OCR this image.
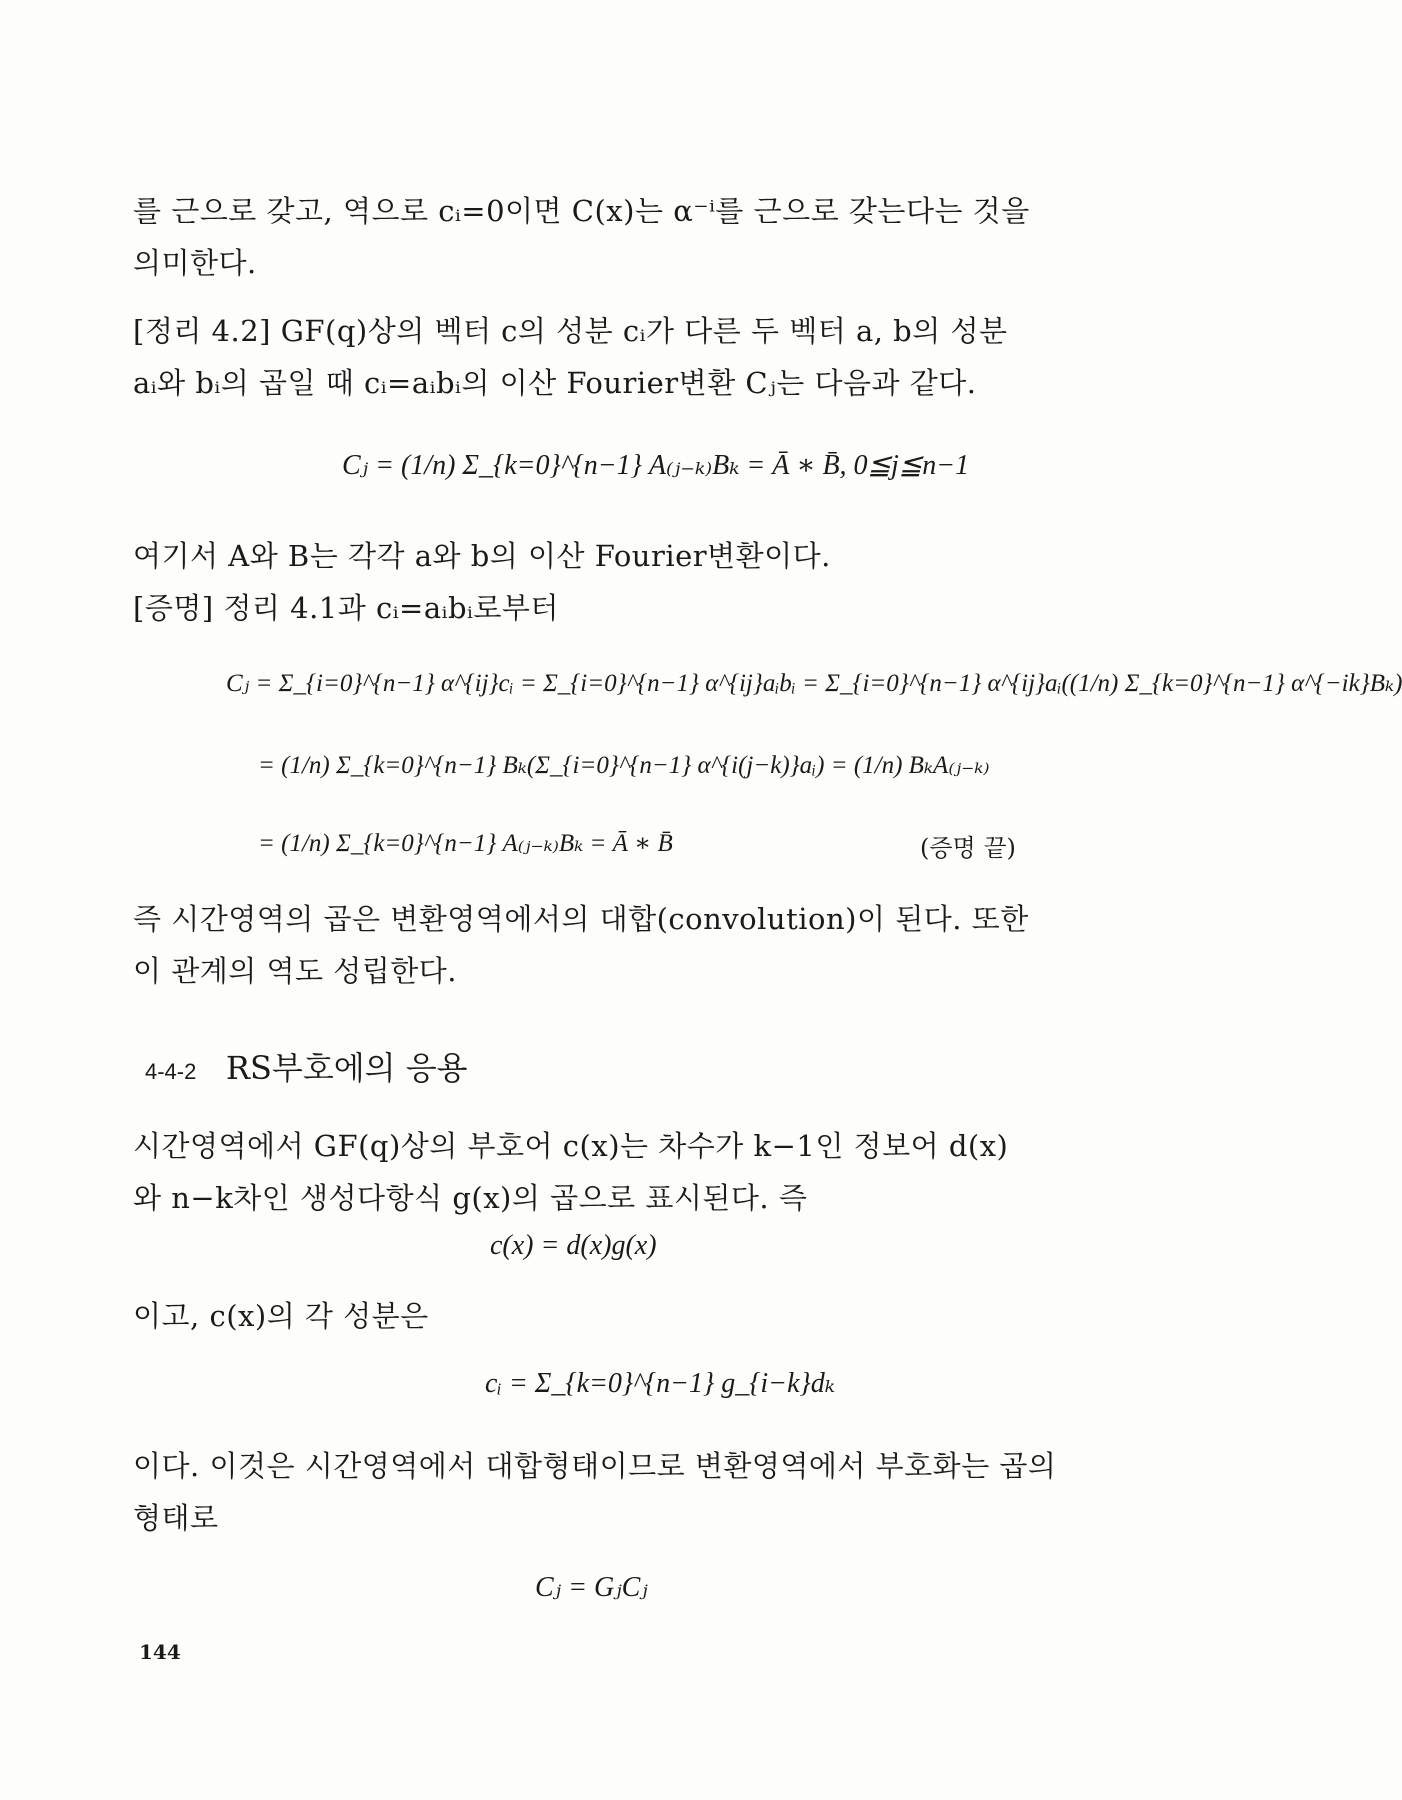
를 근으로 갖고, 역으로 cᵢ=0이면 C(x)는 α⁻ⁱ를 근으로 갖는다는 것을
의미한다.
[정리 4.2] GF(q)상의 벡터 c의 성분 cᵢ가 다른 두 벡터 a, b의 성분
aᵢ와 bᵢ의 곱일 때 cᵢ=aᵢbᵢ의 이산 Fourier변환 Cⱼ는 다음과 같다.
Cⱼ = (1/n) Σ_{k=0}^{n−1} A₍ⱼ₋ₖ₎Bₖ = Ā ∗ B̄, 0≦j≦n−1
여기서 A와 B는 각각 a와 b의 이산 Fourier변환이다.
[증명] 정리 4.1과 cᵢ=aᵢbᵢ로부터
Cⱼ = Σ_{i=0}^{n−1} α^{ij}cᵢ = Σ_{i=0}^{n−1} α^{ij}aᵢbᵢ = Σ_{i=0}^{n−1} α^{ij}aᵢ((1/n) Σ_{k=0}^{n−1} α^{−ik}Bₖ)
= (1/n) Σ_{k=0}^{n−1} Bₖ(Σ_{i=0}^{n−1} α^{i(j−k)}aᵢ) = (1/n) BₖA₍ⱼ₋ₖ₎
= (1/n) Σ_{k=0}^{n−1} A₍ⱼ₋ₖ₎Bₖ = Ā ∗ B̄	(증명 끝)
즉 시간영역의 곱은 변환영역에서의 대합(convolution)이 된다. 또한
이 관계의 역도 성립한다.
4-4-2 RS부호에의 응용
시간영역에서 GF(q)상의 부호어 c(x)는 차수가 k−1인 정보어 d(x)
와 n−k차인 생성다항식 g(x)의 곱으로 표시된다. 즉
c(x) = d(x)g(x)
이고, c(x)의 각 성분은
cᵢ = Σ_{k=0}^{n−1} g_{i−k}dₖ
이다. 이것은 시간영역에서 대합형태이므로 변환영역에서 부호화는 곱의
형태로
Cⱼ = GⱼCⱼ
144
